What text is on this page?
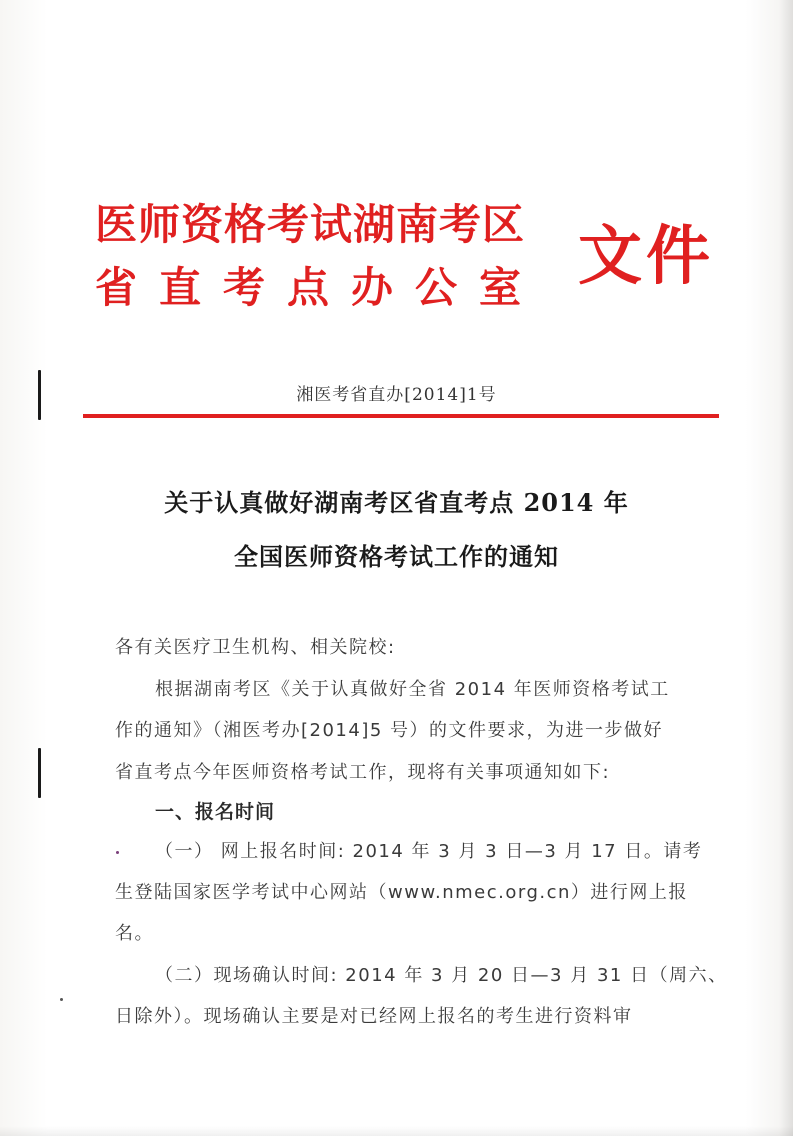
医师资格考试湖南考区
省直考点办公室 文件
湘医考省直办[2014]1号
关于认真做好湖南考区省直考点 2014 年
全国医师资格考试工作的通知
各有关医疗卫生机构、相关院校:
根据湖南考区《关于认真做好全省 2014 年医师资格考试工
作的通知》（湘医考办[2014]5 号）的文件要求，为进一步做好
省直考点今年医师资格考试工作，现将有关事项通知如下:
一、报名时间
（一） 网上报名时间: 2014 年 3 月 3 日—3 月 17 日。请考
生登陆国家医学考试中心网站（www.nmec.org.cn）进行网上报
名。
（二）现场确认时间: 2014 年 3 月 20 日—3 月 31 日（周六、
日除外）。现场确认主要是对已经网上报名的考生进行资料审
